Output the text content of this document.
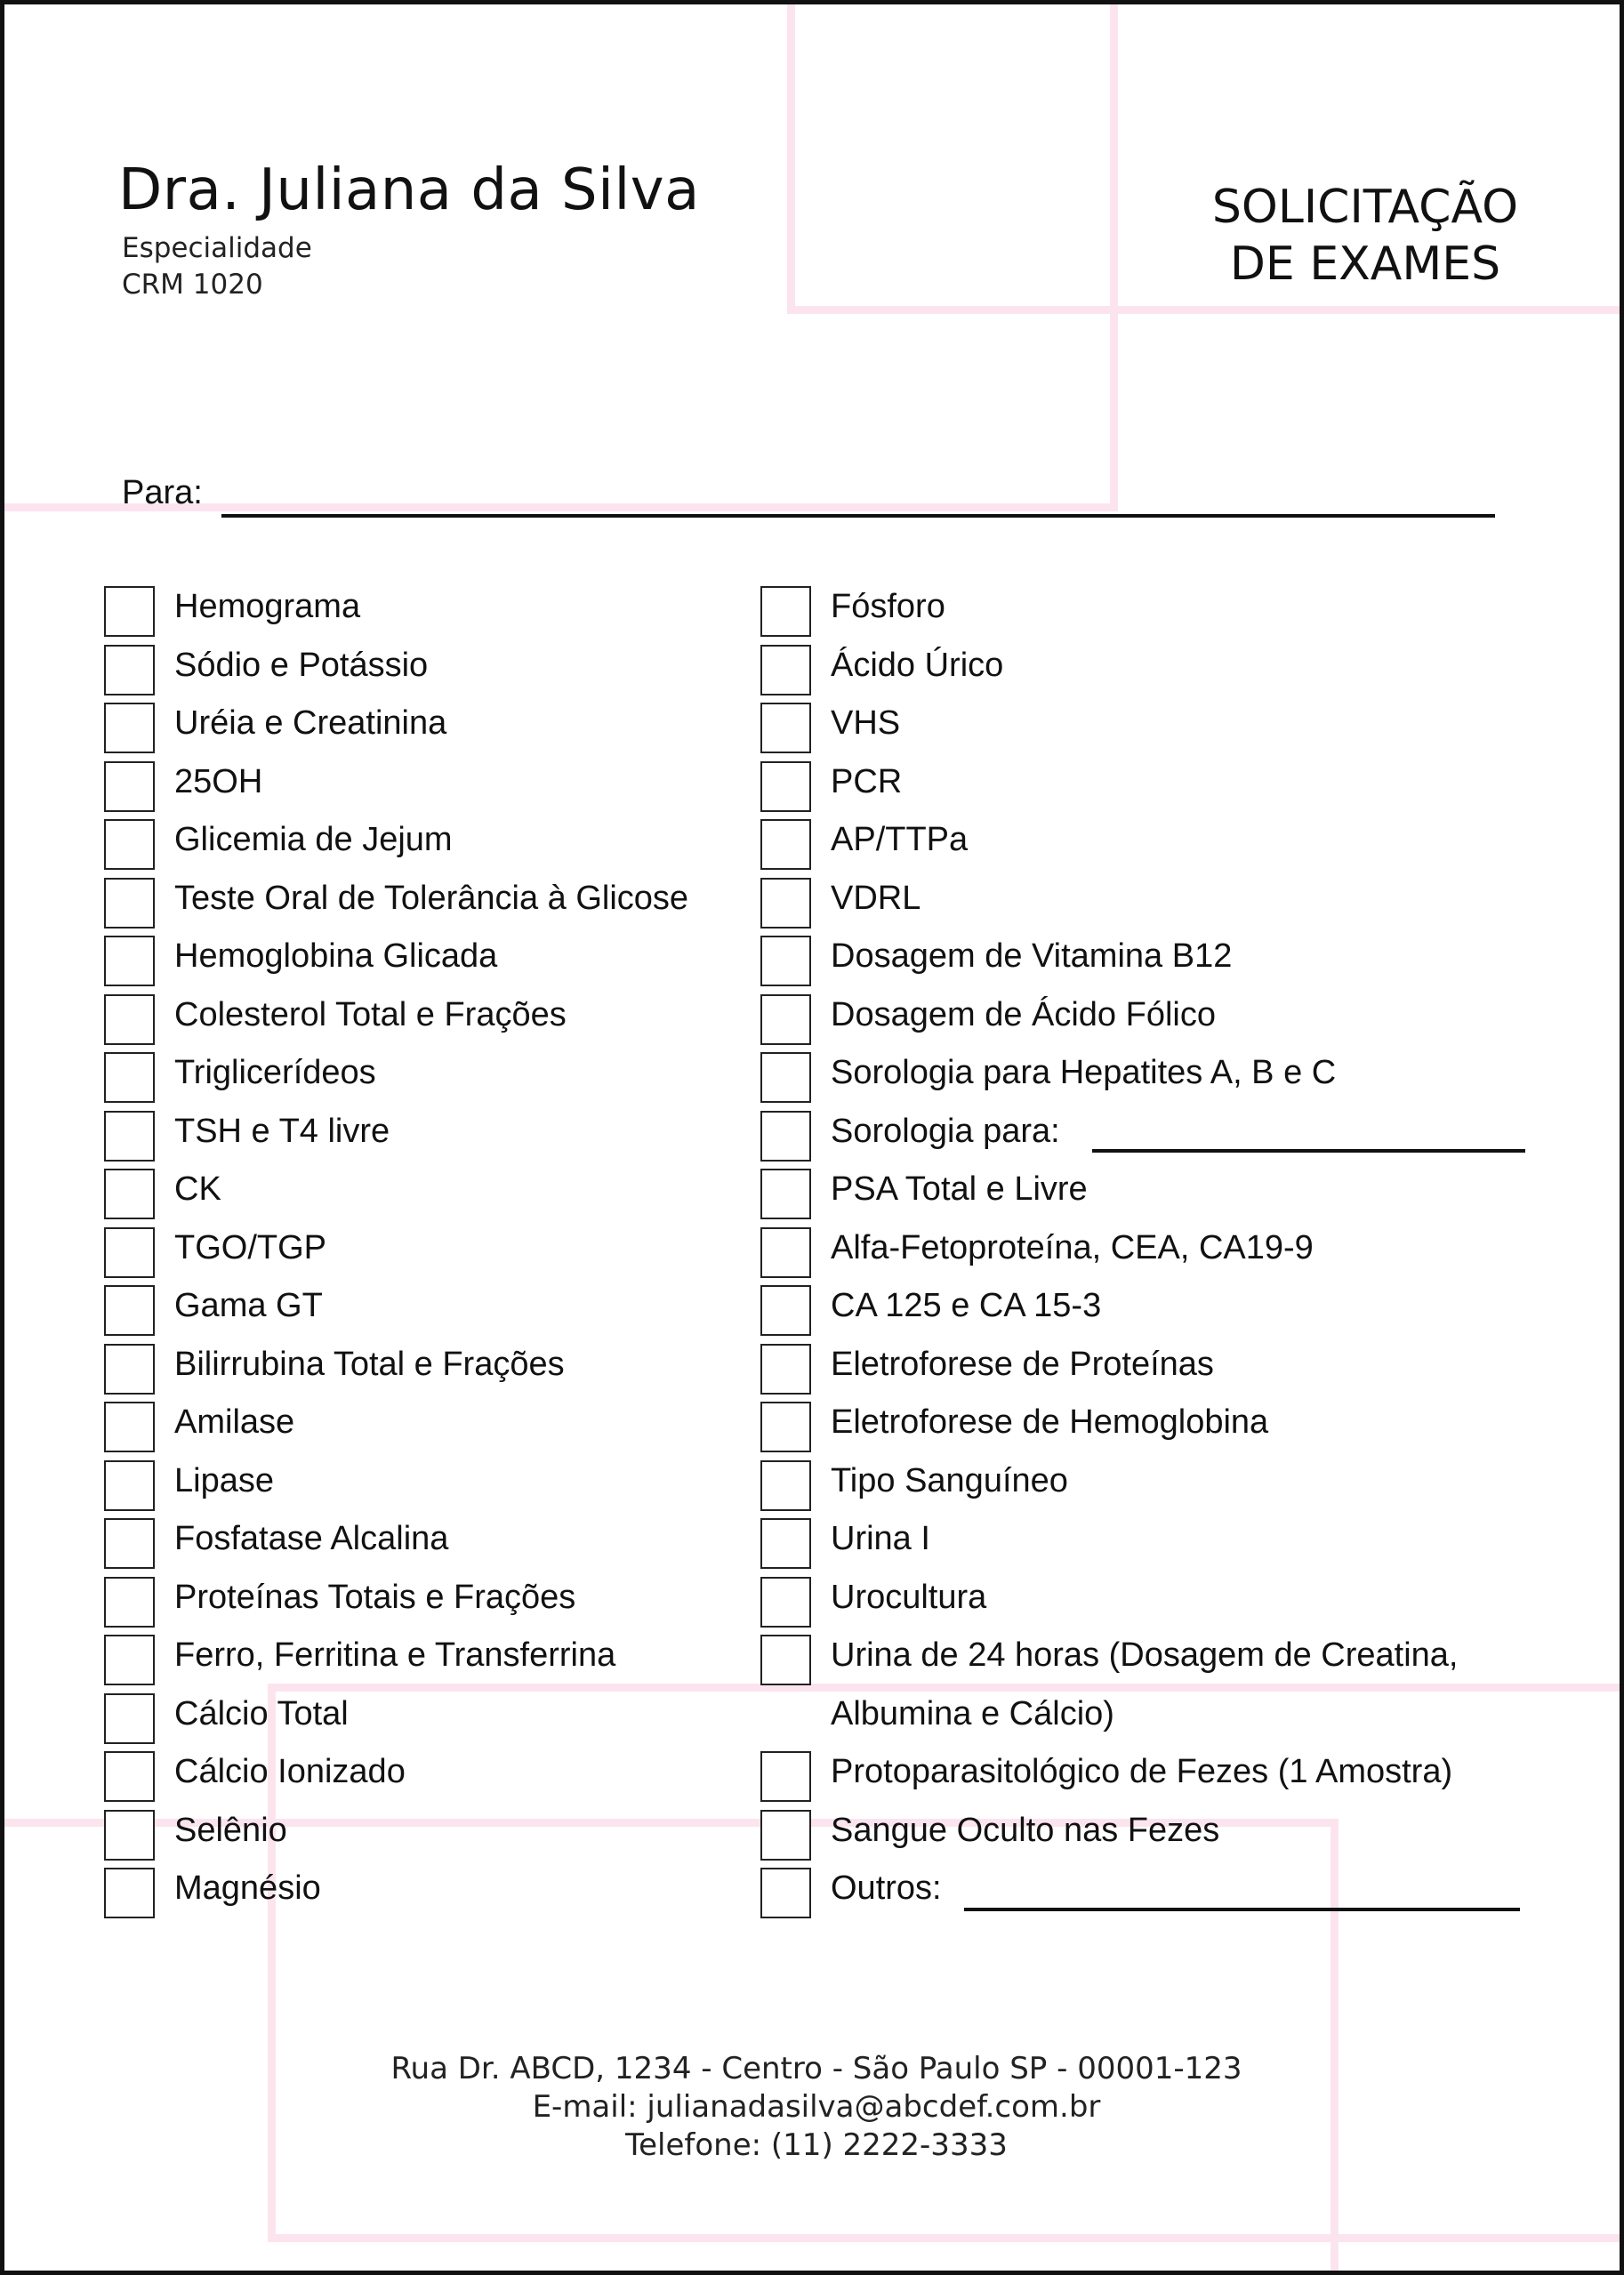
Dra. Juliana da Silva
Especialidade
CRM 1020
SOLICITAÇÃO
DE EXAMES
Para:
Hemograma
Sódio e Potássio
Uréia e Creatinina
25OH
Glicemia de Jejum
Teste Oral de Tolerância à Glicose
Hemoglobina Glicada
Colesterol Total e Frações
Triglicerídeos
TSH e T4 livre
CK
TGO/TGP
Gama GT
Bilirrubina Total e Frações
Amilase
Lipase
Fosfatase Alcalina
Proteínas Totais e Frações
Ferro, Ferritina e Transferrina
Cálcio Total
Cálcio Ionizado
Selênio
Magnésio
Fósforo
Ácido Úrico
VHS
PCR
AP/TTPa
VDRL
Dosagem de Vitamina B12
Dosagem de Ácido Fólico
Sorologia para Hepatites A, B e C
Sorologia para:
PSA Total e Livre
Alfa-Fetoproteína, CEA, CA19-9
CA 125 e CA 15-3
Eletroforese de Proteínas
Eletroforese de Hemoglobina
Tipo Sanguíneo
Urina I
Urocultura
Urina de 24 horas (Dosagem de Creatina,
Albumina e Cálcio)
Protoparasitológico de Fezes (1 Amostra)
Sangue Oculto nas Fezes
Outros:
Rua Dr. ABCD, 1234 - Centro - São Paulo SP - 00001-123
E-mail: julianadasilva@abcdef.com.br
Telefone: (11) 2222-3333
